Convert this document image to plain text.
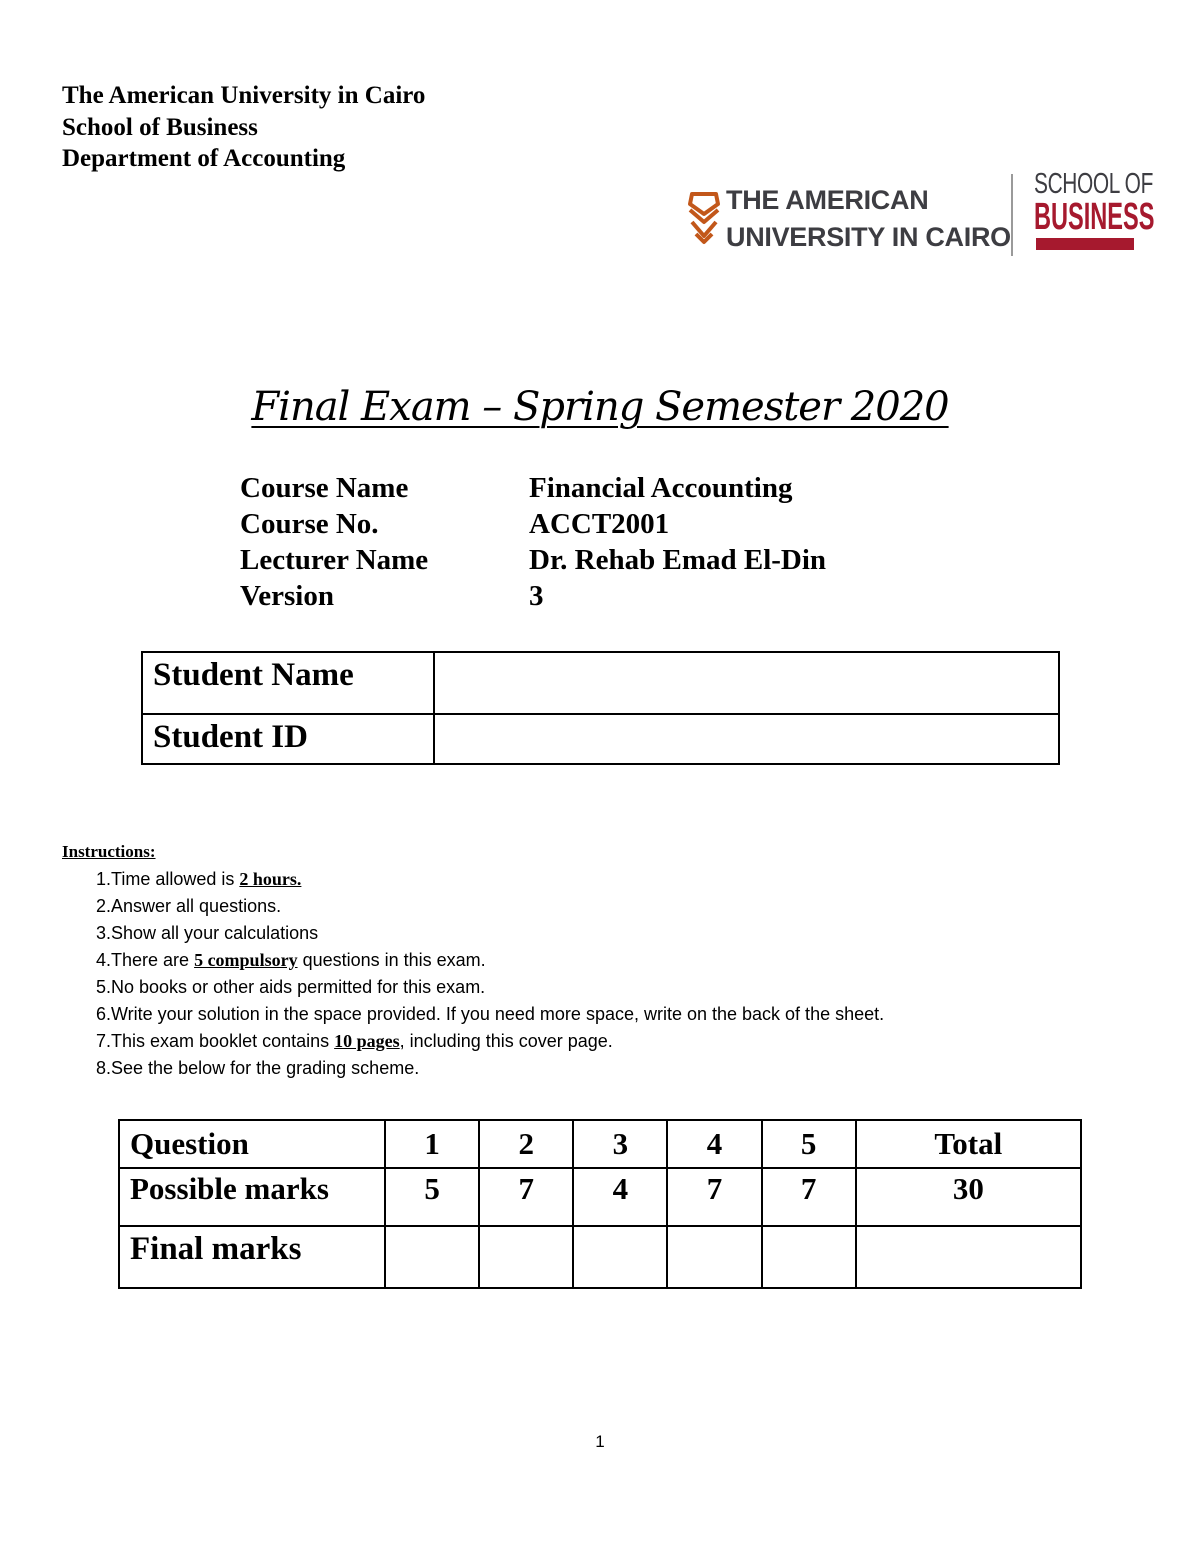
The American University in Cairo
School of Business
Department of Accounting
THE AMERICAN
UNIVERSITY IN CAIRO
SCHOOL OF
BUSINESS
Final Exam – Spring Semester 2020
Course Name	Financial Accounting
Course No.	ACCT2001
Lecturer Name	Dr. Rehab Emad El-Din
Version	3
Student Name	
Student ID	
Instructions:
1.Time allowed is 2 hours.
2.Answer all questions.
3.Show all your calculations
4.There are 5 compulsory questions in this exam.
5.No books or other aids permitted for this exam.
6.Write your solution in the space provided. If you need more space, write on the back of the sheet.
7.This exam booklet contains 10 pages, including this cover page.
8.See the below for the grading scheme.
Question	1	2	3	4	5	Total
Possible marks	5	7	4	7	7	30
Final marks						
1
